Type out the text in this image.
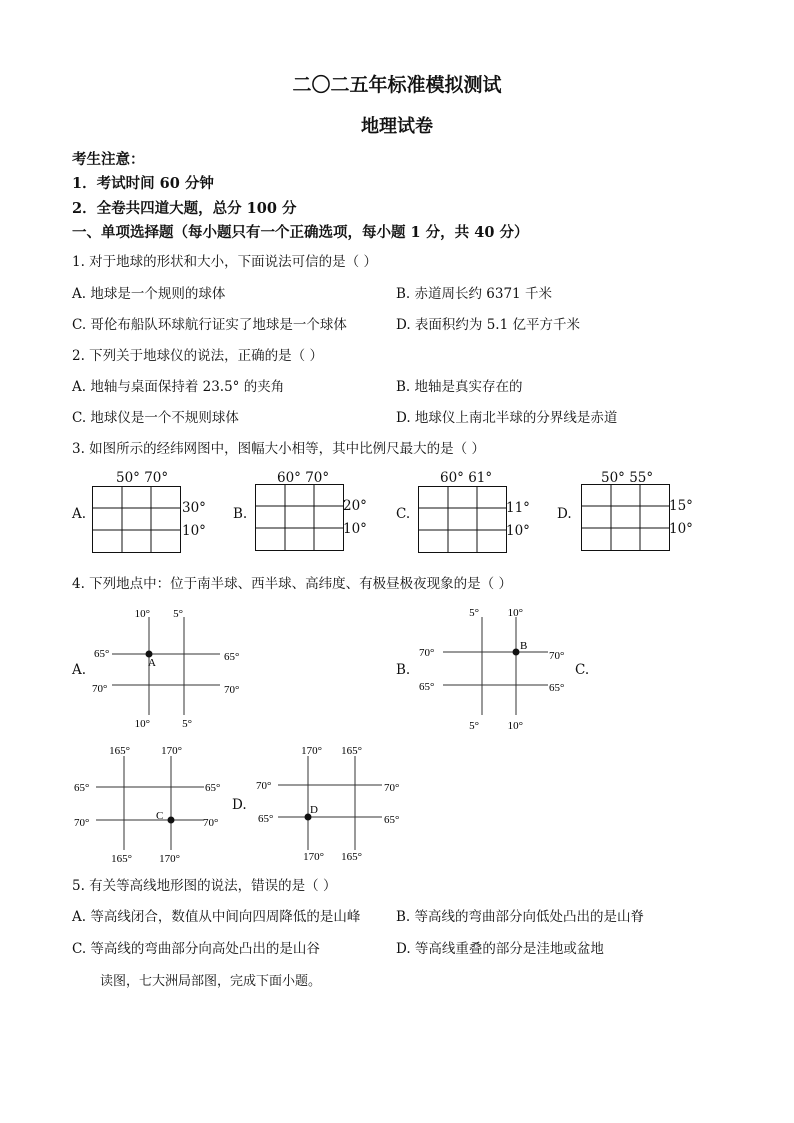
二〇二五年标准模拟测试
地理试卷
考生注意：
1．考试时间 60 分钟
2．全卷共四道大题，总分 100 分
一、单项选择题（每小题只有一个正确选项，每小题 1 分，共 40 分）
1. 对于地球的形状和大小，下面说法可信的是（ ）
A. 地球是一个规则的球体	B. 赤道周长约 6371 千米
C. 哥伦布船队环球航行证实了地球是一个球体	D. 表面积约为 5.1 亿平方千米
2. 下列关于地球仪的说法，正确的是（ ）
A. 地轴与桌面保持着 23.5° 的夹角	B. 地轴是真实存在的
C. 地球仪是一个不规则球体	D. 地球仪上南北半球的分界线是赤道
3. 如图所示的经纬网图中，图幅大小相等，其中比例尺最大的是（ ）
A.
50° 70°
30°
10°
B.
60° 70°
20°
10°
C.
60° 61°
11°
10°
D.
50° 55°
15°
10°
4. 下列地点中：位于南半球、西半球、高纬度、有极昼极夜现象的是（ ）
A.
10° 5°
10°	5°
65°
70°
65°
70°
A	B.
5°	10°
5°	10°
70°
65°
70°
65°
B
C.
165°	170°
165° 170°
65°
70°
65°
70°
C
D.
170° 165°
170° 165°
70°
65°
70°
65°
D
5. 有关等高线地形图的说法，错误的是（ ）
A. 等高线闭合，数值从中间向四周降低的是山峰	B. 等高线的弯曲部分向低处凸出的是山脊
C. 等高线的弯曲部分向高处凸出的是山谷	D. 等高线重叠的部分是洼地或盆地
读图，七大洲局部图，完成下面小题。
